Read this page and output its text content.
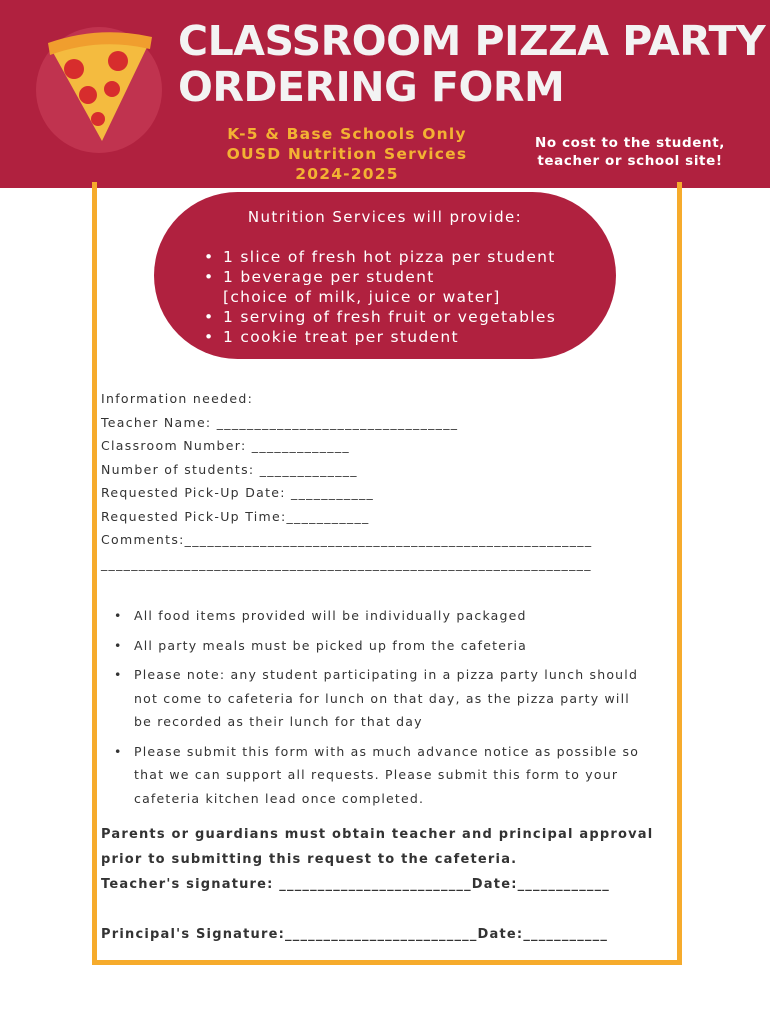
CLASSROOM PIZZA PARTY
ORDERING FORM
K-5 & Base Schools Only
OUSD Nutrition Services
2024-2025
No cost to the student,
teacher or school site!
Nutrition Services will provide:
• 1 slice of fresh hot pizza per student
• 1 beverage per student
[choice of milk, juice or water]
• 1 serving of fresh fruit or vegetables
• 1 cookie treat per student
Information needed:
Teacher Name: ________________________________
Classroom Number: _____________
Number of students: _____________
Requested Pick-Up Date: ___________
Requested Pick-Up Time:___________
Comments:______________________________________________________
_________________________________________________________________
• All food items provided will be individually packaged
• All party meals must be picked up from the cafeteria
• Please note: any student participating in a pizza party lunch should not come to cafeteria for lunch on that day, as the pizza party will be recorded as their lunch for that day
• Please submit this form with as much advance notice as possible so that we can support all requests. Please submit this form to your cafeteria kitchen lead once completed.
Parents or guardians must obtain teacher and principal approval
prior to submitting this request to the cafeteria.
Teacher's signature: _________________________Date:____________
Principal's Signature:_________________________Date:___________
